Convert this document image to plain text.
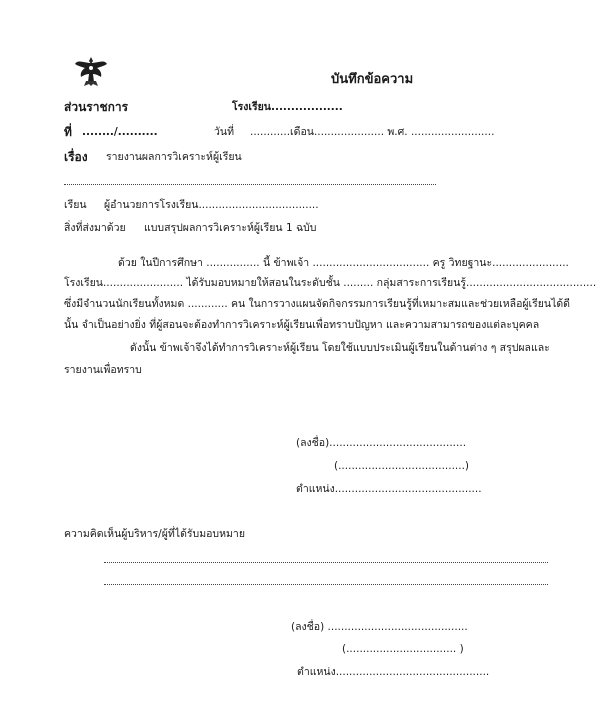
บันทึกข้อความ
ส่วนราชการ	โรงเรียน..................
ที่ ......../..........	วันที่ ............เดือน..................... พ.ศ. .........................
เรื่อง รายงานผลการวิเคราะห์ผู้เรียน
เรียน ผู้อำนวยการโรงเรียน....................................
สิ่งที่ส่งมาด้วย แบบสรุปผลการวิเคราะห์ผู้เรียน 1 ฉบับ
ด้วย ในปีการศึกษา ................ นี้ ข้าพเจ้า ................................... ครู วิทยฐานะ.......................
โรงเรียน........................ ได้รับมอบหมายให้สอนในระดับชั้น ......... กลุ่มสาระการเรียนรู้.......................................
ซึ่งมีจำนวนนักเรียนทั้งหมด ............ คน ในการวางแผนจัดกิจกรรมการเรียนรู้ที่เหมาะสมและช่วยเหลือผู้เรียนได้ดี
นั้น จำเป็นอย่างยิ่ง ที่ผู้สอนจะต้องทำการวิเคราะห์ผู้เรียนเพื่อทราบปัญหา และความสามารถของแต่ละบุคคล
ดังนั้น ข้าพเจ้าจึงได้ทำการวิเคราะห์ผู้เรียน โดยใช้แบบประเมินผู้เรียนในด้านต่าง ๆ สรุปผลและ
รายงานเพื่อทราบ
(ลงชื่อ).........................................
(......................................)
ตำแหน่ง............................................
ความคิดเห็นผู้บริหาร/ผู้ที่ได้รับมอบหมาย
(ลงชื่อ) ..........................................
(................................. )
ตำแหน่ง..............................................
